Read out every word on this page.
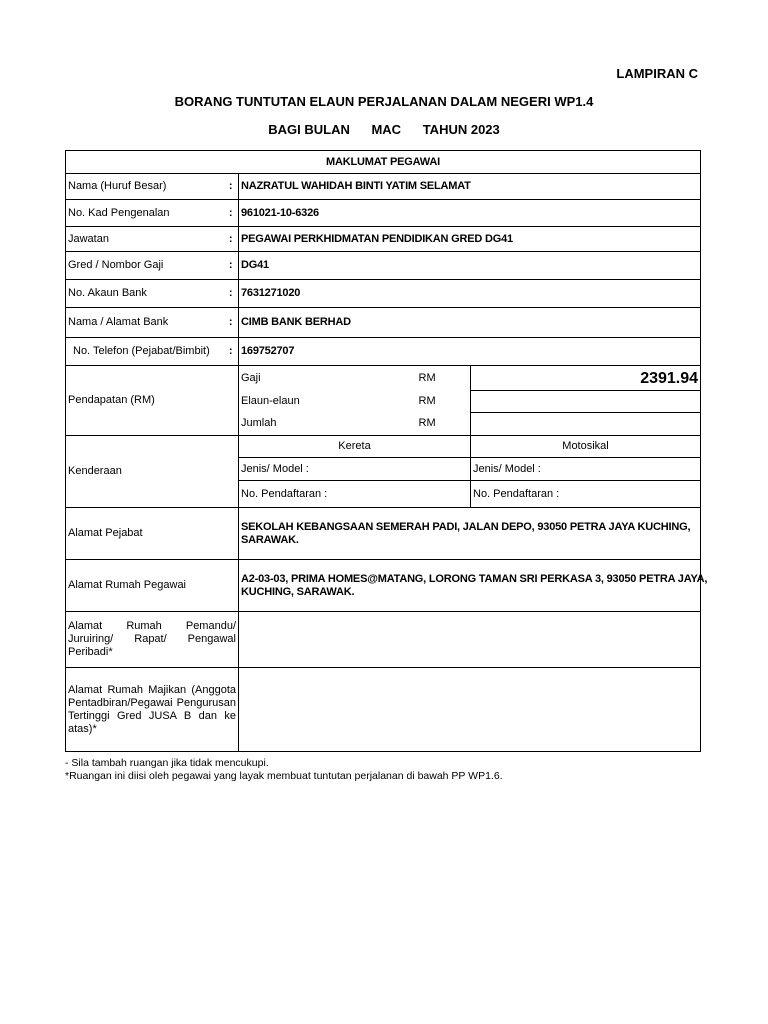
LAMPIRAN C
BORANG TUNTUTAN ELAUN PERJALANAN DALAM NEGERI WP1.4
BAGI BULAN MAC TAHUN 2023
MAKLUMAT PEGAWAI				
Nama (Huruf Besar)	:	NAZRATUL WAHIDAH BINTI YATIM SELAMAT		
No. Kad Pengenalan	:	961021-10-6326		
Jawatan	:	PEGAWAI PERKHIDMATAN PENDIDIKAN GRED DG41		
Gred / Nombor Gaji	:	DG41		
No. Akaun Bank	:	7631271020		
Nama / Alamat Bank	:	CIMB BANK BERHAD		
No. Telefon (Pejabat/Bimbit)	:	169752707		
Pendapatan (RM)		Gaji	RM	2391.94
		Elaun-elaun	RM	
		Jumlah	RM	
Kenderaan		Kereta		Motosikal
		Jenis/ Model :		Jenis/ Model :
		No. Pendaftaran :		No. Pendaftaran :
Alamat Pejabat		SEKOLAH KEBANGSAAN SEMERAH PADI, JALAN DEPO, 93050 PETRA JAYA KUCHING,
SARAWAK.		

Alamat Rumah Pegawai		A2-03-03, PRIMA HOMES@MATANG, LORONG TAMAN SRI PERKASA 3, 93050 PETRA JAYA,
KUCHING, SARAWAK.		

Alamat Rumah Pemandu/ Juruiring/ Rapat/ Pengawal Peribadi*				
Alamat Rumah Majikan (Anggota Pentadbiran/Pegawai Pengurusan Tertinggi Gred JUSA B dan ke atas)*				
- Sila tambah ruangan jika tidak mencukupi.
*Ruangan ini diisi oleh pegawai yang layak membuat tuntutan perjalanan di bawah PP WP1.6.
